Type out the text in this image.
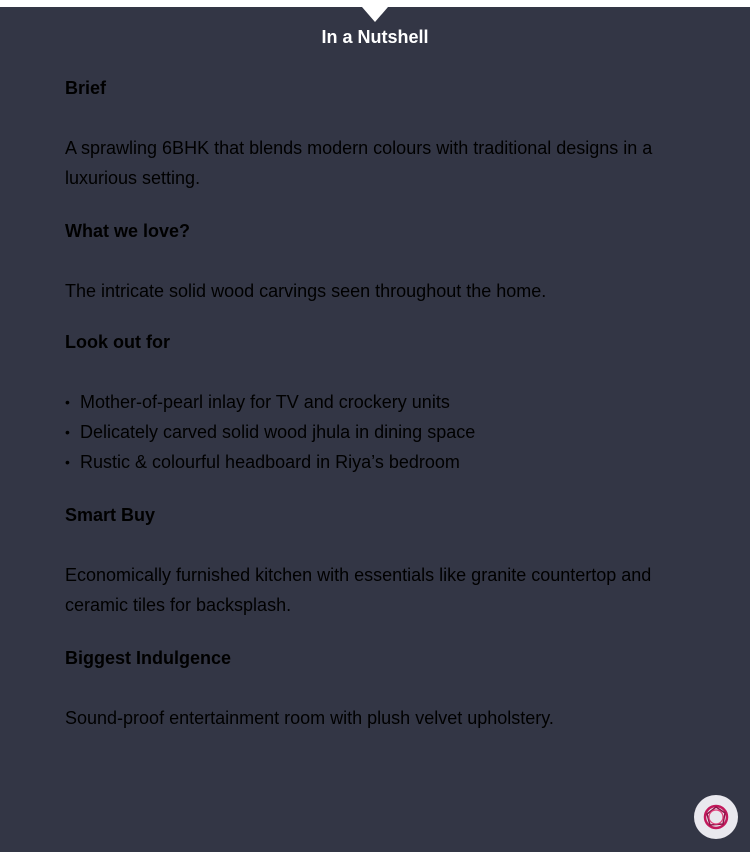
In a Nutshell

Brief

A sprawling 6BHK that blends modern colours with traditional designs in a luxurious setting.

What we love?

The intricate solid wood carvings seen throughout the home.

Look out for

• Mother-of-pearl inlay for TV and crockery units
• Delicately carved solid wood jhula in dining space
• Rustic & colourful headboard in Riya’s bedroom

Smart Buy

Economically furnished kitchen with essentials like granite countertop and ceramic tiles for backsplash.

Biggest Indulgence

Sound-proof entertainment room with plush velvet upholstery.
